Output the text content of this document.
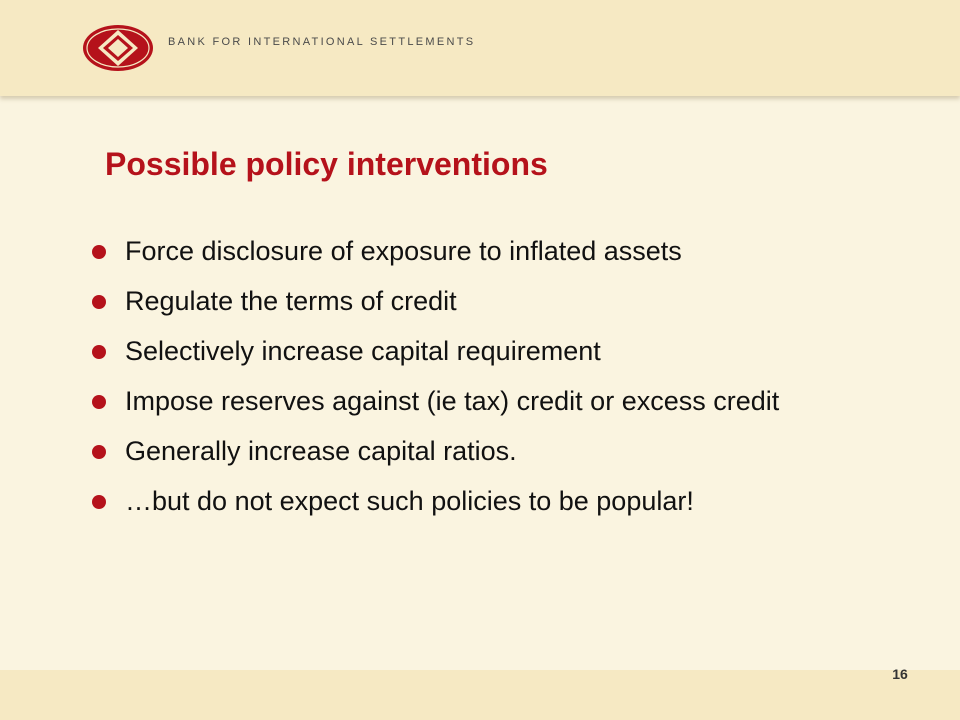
BANK FOR INTERNATIONAL SETTLEMENTS
Possible policy interventions
Force disclosure of exposure to inflated assets
Regulate the terms of credit
Selectively increase capital requirement
Impose reserves against (ie tax) credit or excess credit
Generally increase capital ratios.
…but do not expect such policies to be popular!
16
